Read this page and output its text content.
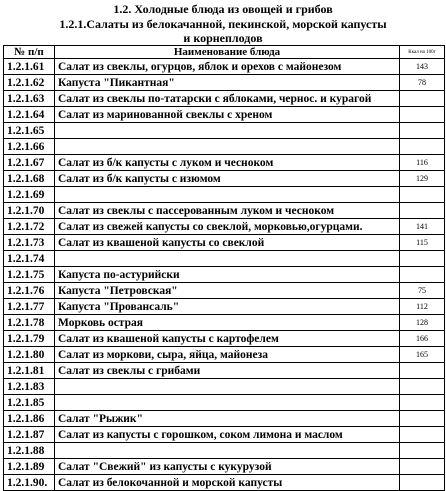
1.2. Холодные блюда из овощей и грибов
1.2.1.Салаты из белокачанной, пекинской, морской капусты
и корнеплодов
№ п/п	Наименование блюда	Ккал на 100г
1.2.1.61	Салат из свеклы, огурцов, яблок и орехов с майонезом	143
1.2.1.62	Капуста "Пикантная"	78
1.2.1.63	Салат из свеклы по-татарски с яблоками, чернос. и курагой	
1.2.1.64	Салат из маринованной свеклы с хреном	
1.2.1.65		
1.2.1.66		
1.2.1.67	Салат из б/к капусты с луком и чесноком	116
1.2.1.68	Салат из б/к капусты с изюмом	129
1.2.1.69		
1.2.1.70	Салат из свеклы с пассерованным луком и чесноком	
1.2.1.72	Салат из свежей капусты со свеклой, морковью,огурцами.	141
1.2.1.73	Салат из квашеной капусты со свеклой	115
1.2.1.74		
1.2.1.75	Капуста по-астурийски	
1.2.1.76	Капуста "Петровская"	75
1.2.1.77	Капуста "Провансаль"	112
1.2.1.78	Морковь острая	128
1.2.1.79	Салат из квашеной капусты с картофелем	166
1.2.1.80	Салат из моркови, сыра, яйца, майонеза	165
1.2.1.81	Салат из свеклы с грибами	
1.2.1.83		
1.2.1.85		
1.2.1.86	Салат "Рыжик"	
1.2.1.87	Салат из капусты с горошком, соком лимона и маслом	
1.2.1.88		
1.2.1.89	Салат "Свежий" из капусты с кукурузой	
1.2.1.90.	Салат из белокочанной и морской капусты	
